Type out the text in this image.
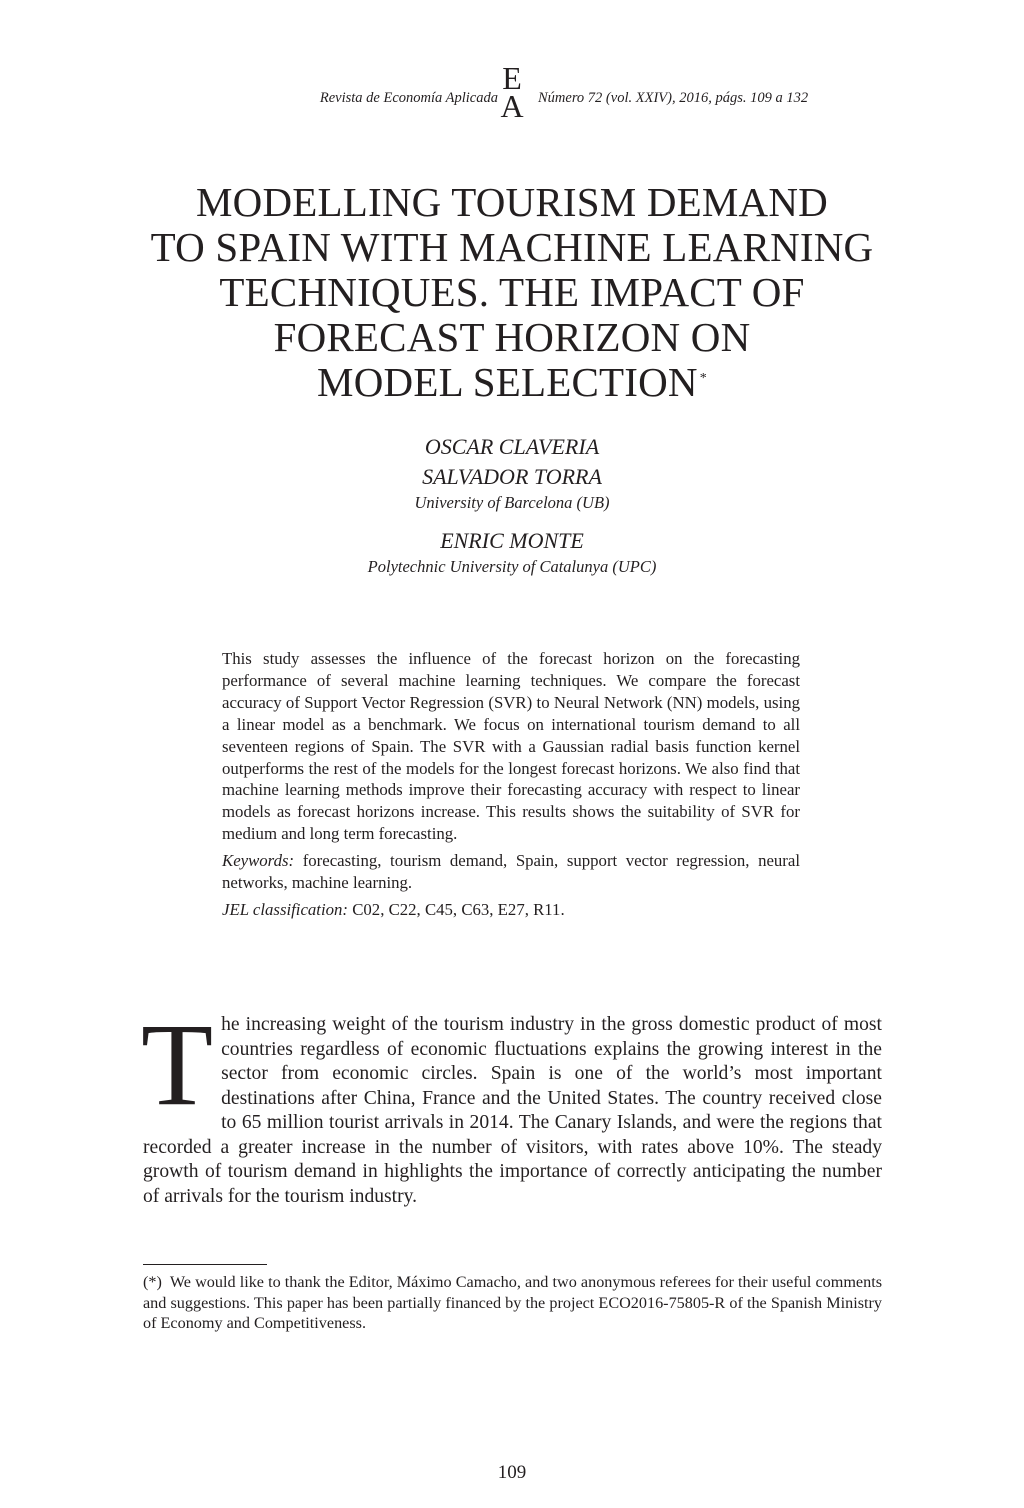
Revista de Economía Aplicada
E
A Número 72 (vol. XXIV), 2016, págs. 109 a 132
MODELLING TOURISM DEMAND
TO SPAIN WITH MACHINE LEARNING
TECHNIQUES. THE IMPACT OF
FORECAST HORIZON ON
MODEL SELECTION *
OSCAR CLAVERIA
SALVADOR TORRA
University of Barcelona (UB)
ENRIC MONTE
Polytechnic University of Catalunya (UPC)

This study assesses the influence of the forecast horizon on the forecasting performance of several machine learning techniques. We compare the forecast accuracy of Support Vector Regression (SVR) to Neural Network (NN) models, using a linear model as a benchmark. We focus on international tourism demand to all seventeen regions of Spain. The SVR with a Gaussian radial basis function kernel outperforms the rest of the models for the longest forecast horizons. We also find that machine learning methods improve their forecasting accuracy with respect to linear models as forecast horizons increase. This results shows the suitability of SVR for medium and long term forecasting.

Keywords: forecasting, tourism demand, Spain, support vector regression, neural networks, machine learning.

JEL classification: C02, C22, C45, C63, E27, R11.

T he increasing weight of the tourism industry in the gross domestic product of most countries regardless of economic fluctuations explains the growing interest in the sector from economic circles. Spain is one of the world’s most important destinations after China, France and the United States. The country received close to 65 million tourist arrivals in 2014. The Canary Islands, and were the regions that recorded a greater increase in the number of visitors, with rates above 10%. The steady growth of tourism demand in highlights the importance of correctly anticipating the number of arrivals for the tourism industry.

(*) We would like to thank the Editor, Máximo Camacho, and two anonymous referees for their useful comments and suggestions. This paper has been partially financed by the project ECO2016-75805-R of the Spanish Ministry of Economy and Competitiveness.

109
